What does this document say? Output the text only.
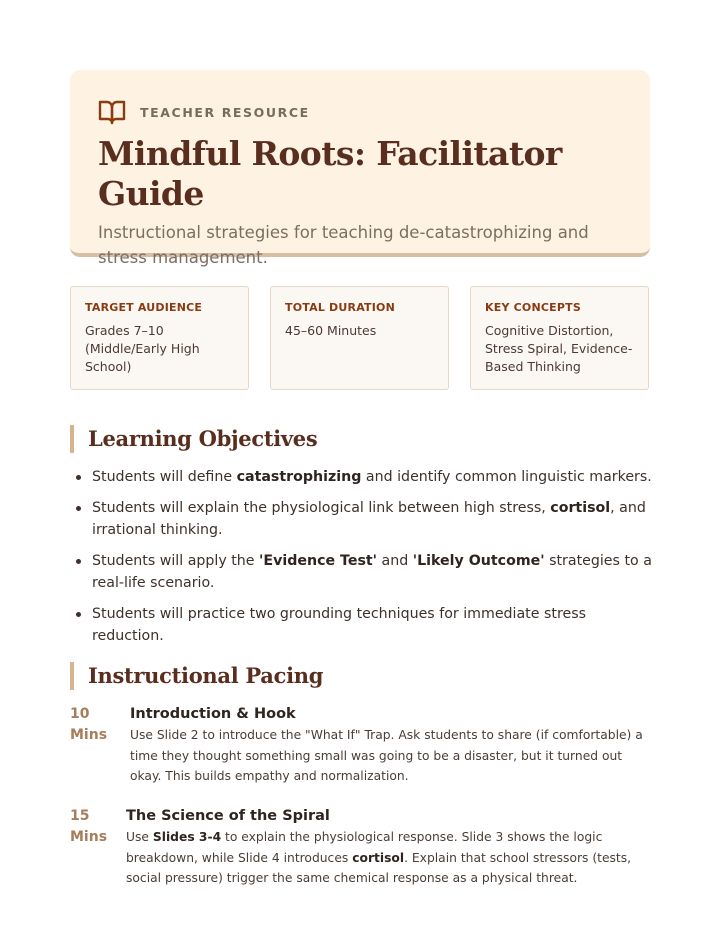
TEACHER RESOURCE
Mindful Roots: Facilitator Guide

Instructional strategies for teaching de-catastrophizing and stress management.

TARGET AUDIENCE
Grades 7–10 (Middle/Early High School)
TOTAL DURATION
45–60 Minutes
KEY CONCEPTS
Cognitive Distortion, Stress Spiral, Evidence-Based Thinking
Learning Objectives
Students will define catastrophizing and identify common linguistic markers.
Students will explain the physiological link between high stress, cortisol, and irrational thinking.
Students will apply the 'Evidence Test' and 'Likely Outcome' strategies to a real-life scenario.
Students will practice two grounding techniques for immediate stress reduction.
Instructional Pacing
10
Mins
Introduction & Hook
Use Slide 2 to introduce the "What If" Trap. Ask students to share (if comfortable) a time they thought something small was going to be a disaster, but it turned out okay. This builds empathy and normalization.
15
Mins
The Science of the Spiral
Use Slides 3-4 to explain the physiological response. Slide 3 shows the logic breakdown, while Slide 4 introduces cortisol. Explain that school stressors (tests, social pressure) trigger the same chemical response as a physical threat.
